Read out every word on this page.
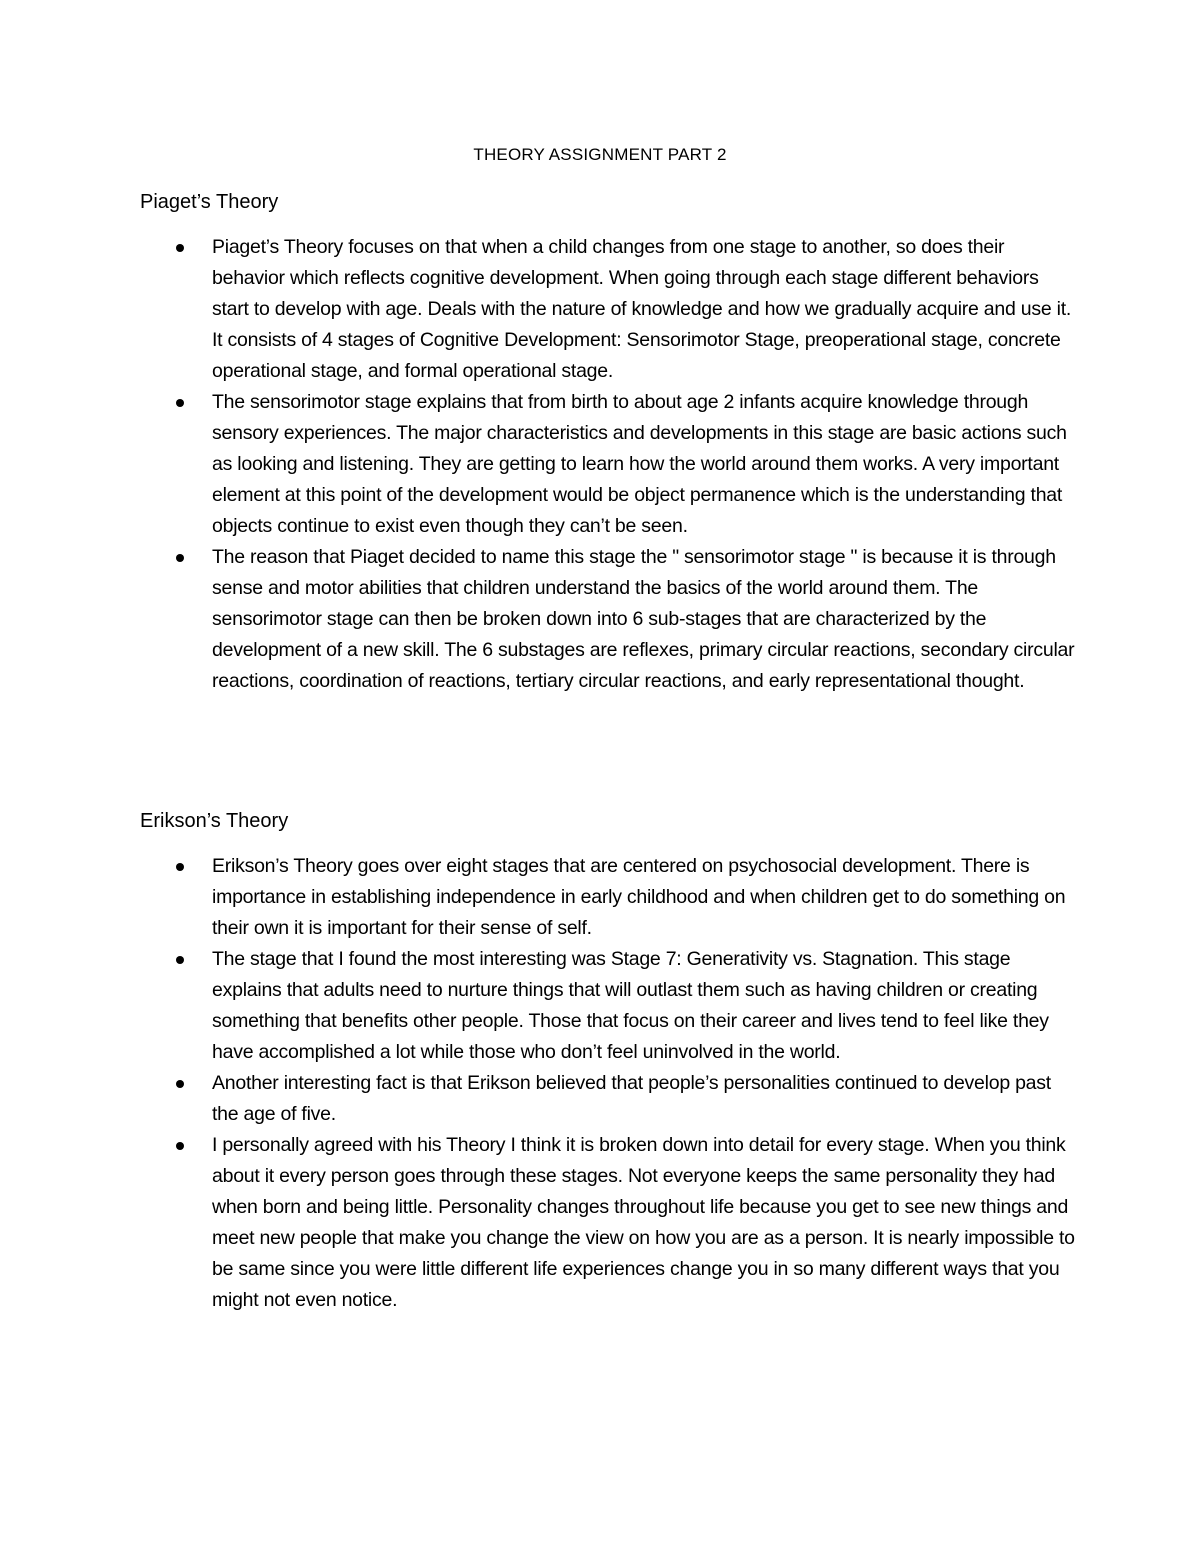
THEORY ASSIGNMENT PART 2
Piaget’s Theory
Piaget’s Theory focuses on that when a child changes from one stage to another, so does their behavior which reflects cognitive development. When going through each stage different behaviors start to develop with age. Deals with the nature of knowledge and how we gradually acquire and use it. It consists of 4 stages of Cognitive Development: Sensorimotor Stage, preoperational stage, concrete operational stage, and formal operational stage.
The sensorimotor stage explains that from birth to about age 2 infants acquire knowledge through sensory experiences. The major characteristics and developments in this stage are basic actions such as looking and listening. They are getting to learn how the world around them works. A very important element at this point of the development would be object permanence which is the understanding that objects continue to exist even though they can’t be seen.
The reason that Piaget decided to name this stage the " sensorimotor stage " is because it is through sense and motor abilities that children understand the basics of the world around them. The sensorimotor stage can then be broken down into 6 sub-stages that are characterized by the development of a new skill. The 6 substages are reflexes, primary circular reactions, secondary circular reactions, coordination of reactions, tertiary circular reactions, and early representational thought.
Erikson’s Theory
Erikson’s Theory goes over eight stages that are centered on psychosocial development. There is importance in establishing independence in early childhood and when children get to do something on their own it is important for their sense of self.
The stage that I found the most interesting was Stage 7: Generativity vs. Stagnation. This stage explains that adults need to nurture things that will outlast them such as having children or creating something that benefits other people. Those that focus on their career and lives tend to feel like they have accomplished a lot while those who don’t feel uninvolved in the world.
Another interesting fact is that Erikson believed that people’s personalities continued to develop past the age of five.
I personally agreed with his Theory I think it is broken down into detail for every stage. When you think about it every person goes through these stages. Not everyone keeps the same personality they had when born and being little. Personality changes throughout life because you get to see new things and meet new people that make you change the view on how you are as a person. It is nearly impossible to be same since you were little different life experiences change you in so many different ways that you might not even notice.
